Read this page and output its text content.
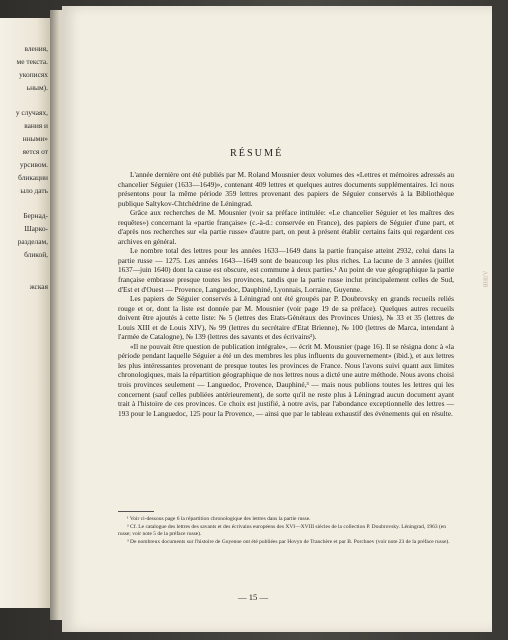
вления,
ме текста.
укописях
ьным).
у случаях,
вания и
нными»
яется от
урсивом.
бликации
ыло дать
Бернад-
Шарко-
разделам,
бликой,
жская	АЛНВ
RÉSUMÉ

L'année dernière ont été publiés par M. Roland Mousnier deux volumes des «Lettres et mémoires adressés au chancelier Séguier (1633—1649)», contenant 409 lettres et quelques autres documents supplémentaires. Ici nous présentons pour la même période 359 lettres provenant des papiers de Séguier conservés à la Bibliothèque publique Saltykov-Chtchédrine de Léningrad.

Grâce aux recherches de M. Mousnier (voir sa préface intitulée: «Le chancelier Séguier et les maîtres des requêtes») concernant la «partie française» (c.-à-d.: conservée en France), des papiers de Séguier d'une part, et d'après nos recherches sur «la partie russe» d'autre part, on peut à présent établir certains faits qui regardent ces archives en général.

Le nombre total des lettres pour les années 1633—1649 dans la partie française atteint 2932, celui dans la partie russe — 1275. Les années 1643—1649 sont de beaucoup les plus riches. La lacune de 3 années (juillet 1637—juin 1640) dont la cause est obscure, est commune à deux parties.¹ Au point de vue géographique la partie française embrasse presque toutes les provinces, tandis que la partie russe inclut principalement celles de Sud, d'Est et d'Ouest — Provence, Languedoc, Dauphiné, Lyonnais, Lorraine, Guyenne.

Les papiers de Séguier conservés à Léningrad ont été groupés par P. Doubrovsky en grands recueils reliés rouge et or, dont la liste est donnée par M. Mousnier (voir page 19 de sa préface). Quelques autres recueils doivent être ajoutés à cette liste: № 5 (lettres des Etats-Généraux des Provinces Unies), № 33 et 35 (lettres de Louis XIII et de Louis XIV), № 99 (lettres du secrétaire d'Etat Brienne), № 100 (lettres de Marca, intendant à l'armée de Catalogne), № 139 (lettres des savants et des écrivains²).

«Il ne pouvait être question de publication intégrale», — écrit M. Mousnier (page 16). Il se résigna donc à «la période pendant laquelle Séguier a été un des membres les plus influents du gouvernement» (ibid.), et aux lettres les plus intéressantes provenant de presque toutes les provinces de France. Nous l'avons suivi quant aux limites chronologiques, mais la répartition géographique de nos lettres nous a dicté une autre méthode. Nous avons choisi trois provinces seulement — Languedoc, Provence, Dauphiné,³ — mais nous publions toutes les lettres qui les concernent (sauf celles publiées antérieurement), de sorte qu'il ne reste plus à Léningrad aucun document ayant trait à l'histoire de ces provinces. Ce choix est justifié, à notre avis, par l'abondance exceptionnelle des lettres — 193 pour le Languedoc, 125 pour la Provence, — ainsi que par le tableau exhaustif des événements qui en résulte.

¹ Voir ci-dessous page 6 la répartition chronologique des lettres dans la partie russe.

² Cf. Le catalogue des lettres des savants et des écrivains européens des XVI—XVIII siècles de la collection P. Doubrovsky. Léningrad, 1963 (en russe; voir note 5 de la préface russe).

³ De nombreux documents sur l'histoire de Guyenne ont été publiées par Hovyn de Tranchère et par B. Porchnev (voir note 23 de la préface russe).

— 15 —
